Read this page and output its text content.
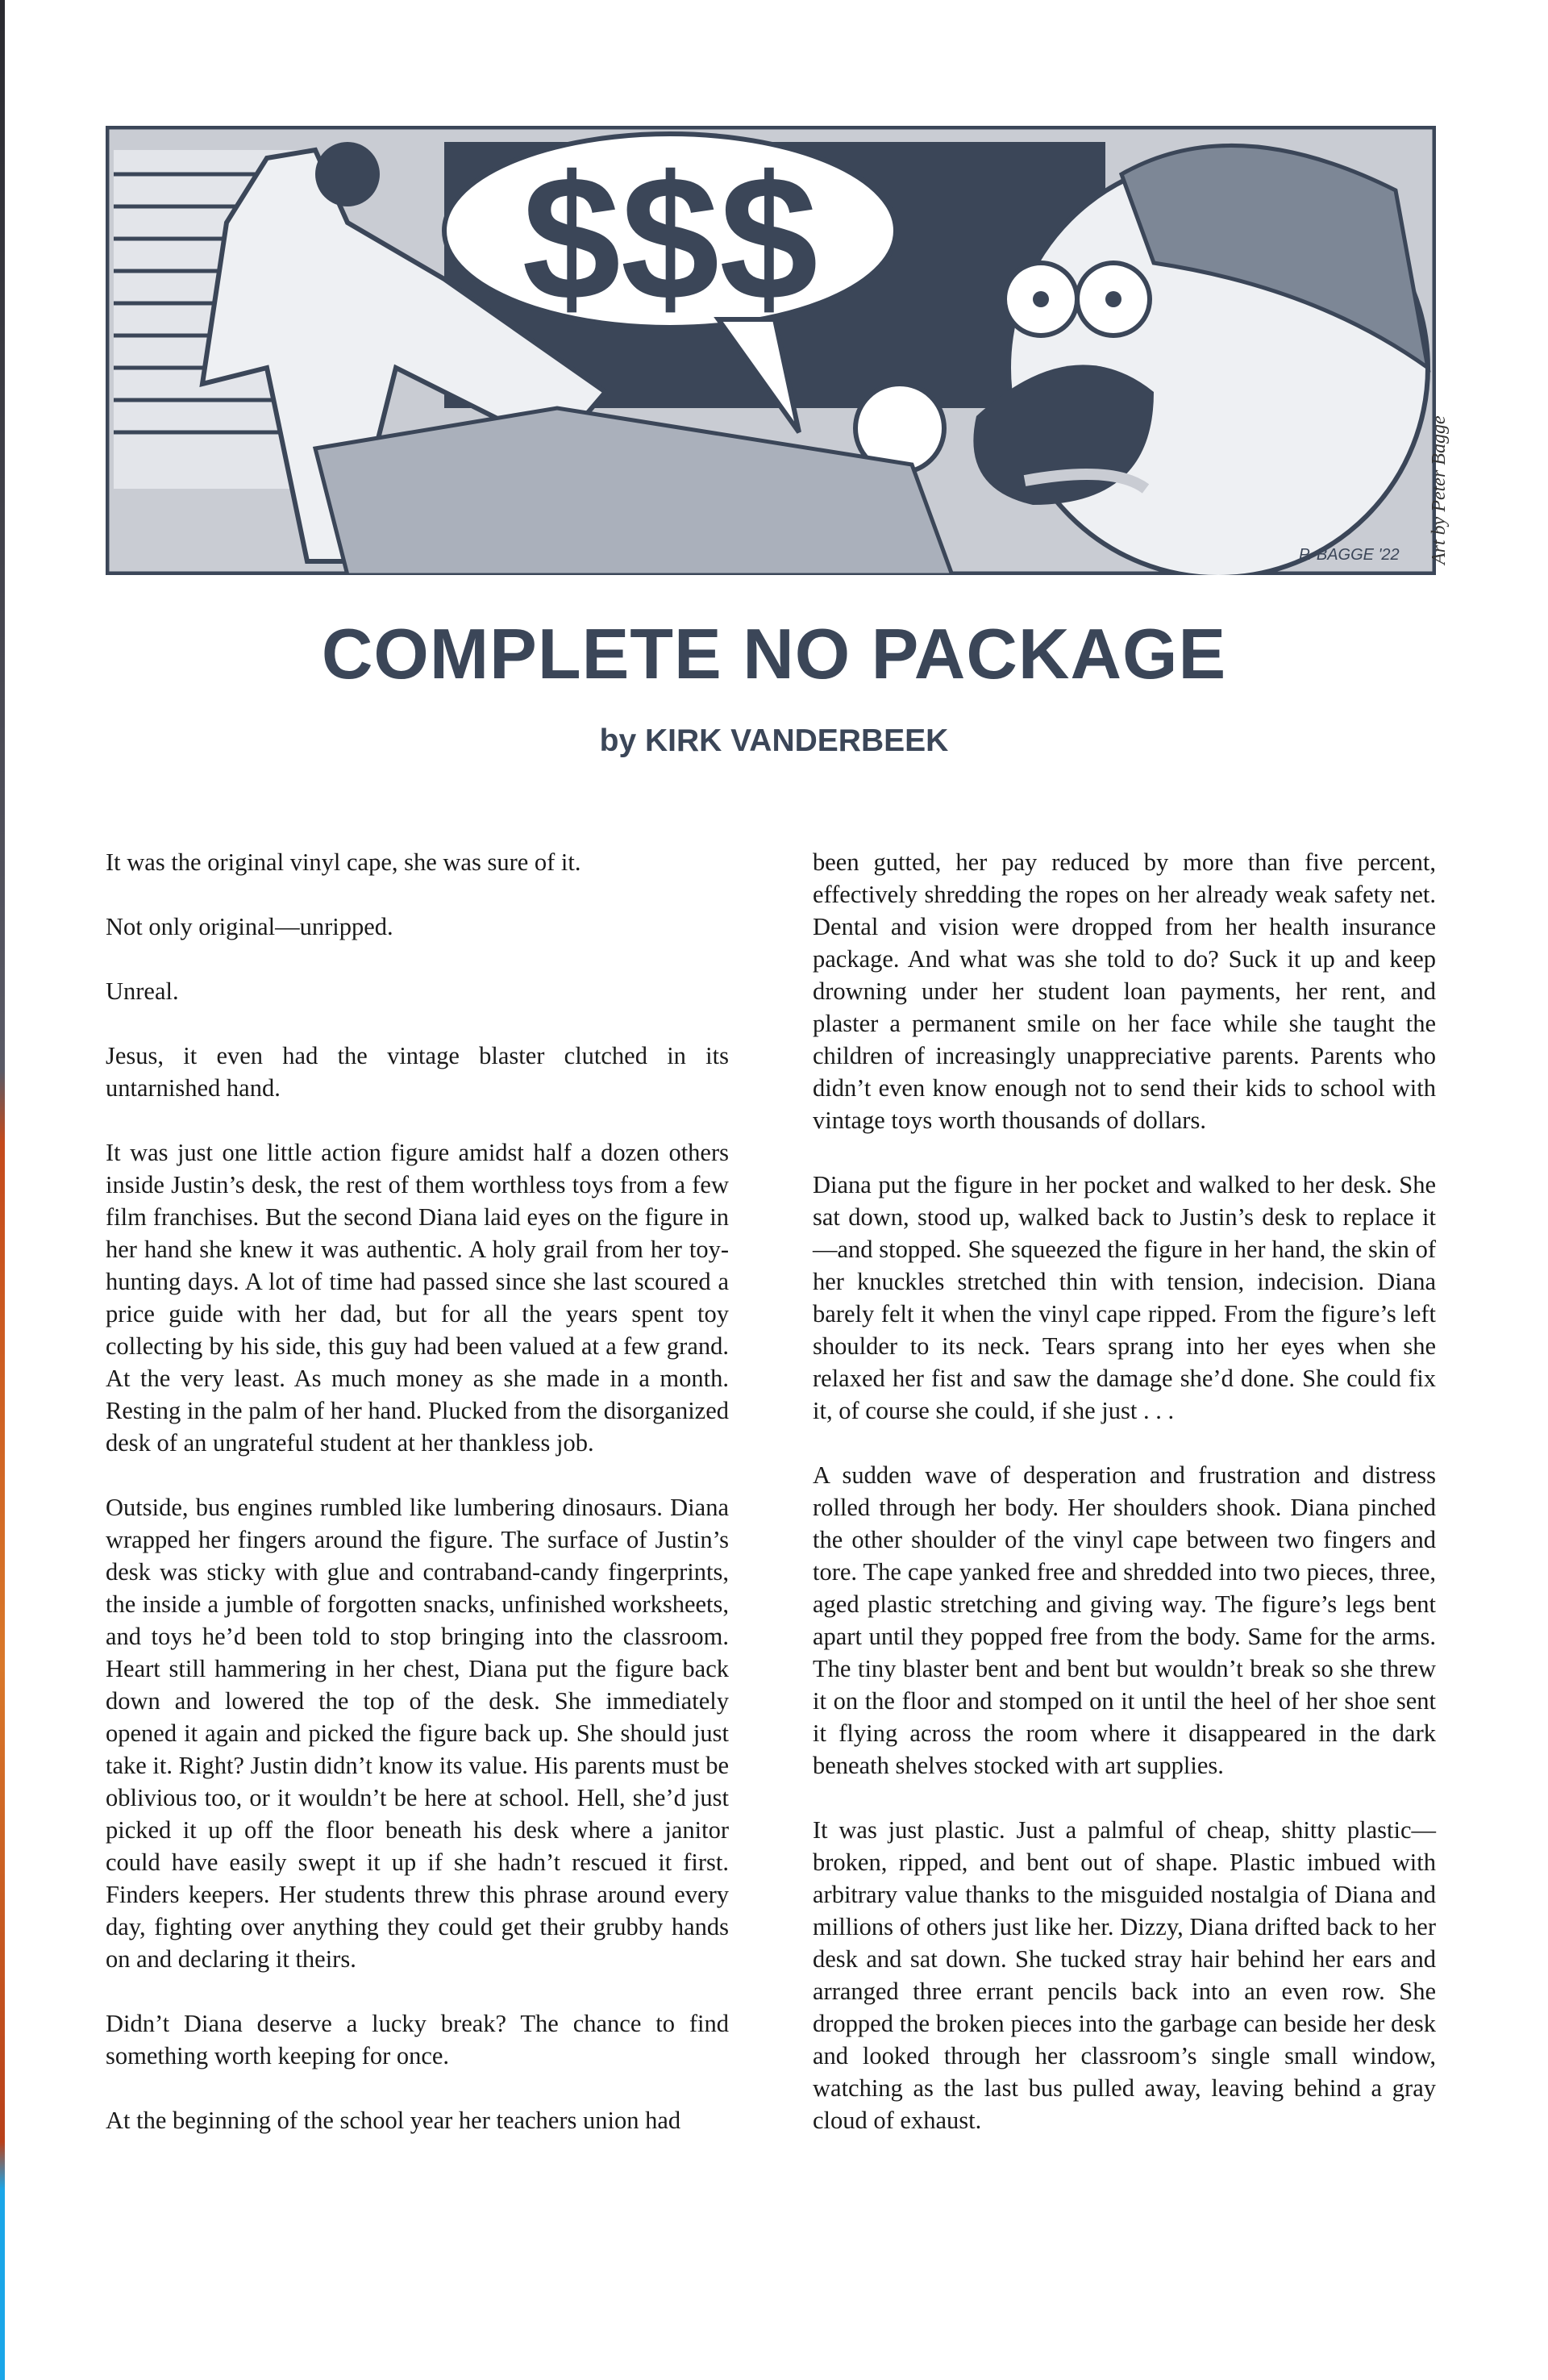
$$$
P. BAGGE '22 Art by Peter Bagge
COMPLETE NO PACKAGE
by KIRK VANDERBEEK

It was the original vinyl cape, she was sure of it.

Not only original—unripped.

Unreal.

Jesus, it even had the vintage blaster clutched in its untarnished hand.

It was just one little action figure amidst half a dozen others inside Justin’s desk, the rest of them worthless toys from a few film franchises. But the second Diana laid eyes on the figure in her hand she knew it was authentic. A holy grail from her toy-hunting days. A lot of time had passed since she last scoured a price guide with her dad, but for all the years spent toy collecting by his side, this guy had been valued at a few grand. At the very least. As much money as she made in a month. Resting in the palm of her hand. Plucked from the disorganized desk of an ungrateful student at her thankless job.

Outside, bus engines rumbled like lumbering dinosaurs. Diana wrapped her fingers around the figure. The surface of Justin’s desk was sticky with glue and contraband-candy fingerprints, the inside a jumble of forgotten snacks, unfinished worksheets, and toys he’d been told to stop bringing into the classroom. Heart still hammering in her chest, Diana put the figure back down and lowered the top of the desk. She immediately opened it again and picked the figure back up. She should just take it. Right? Justin didn’t know its value. His parents must be oblivious too, or it wouldn’t be here at school. Hell, she’d just picked it up off the floor beneath his desk where a janitor could have easily swept it up if she hadn’t rescued it first. Finders keepers. Her students threw this phrase around every day, fighting over anything they could get their grubby hands on and declaring it theirs.

Didn’t Diana deserve a lucky break? The chance to find something worth keeping for once.

At the beginning of the school year her teachers union had

been gutted, her pay reduced by more than five percent, effectively shredding the ropes on her already weak safety net. Dental and vision were dropped from her health insurance package. And what was she told to do? Suck it up and keep drowning under her student loan payments, her rent, and plaster a permanent smile on her face while she taught the children of increasingly unappreciative parents. Parents who didn’t even know enough not to send their kids to school with vintage toys worth thousands of dollars.

Diana put the figure in her pocket and walked to her desk. She sat down, stood up, walked back to Justin’s desk to replace it—and stopped. She squeezed the figure in her hand, the skin of her knuckles stretched thin with tension, indecision. Diana barely felt it when the vinyl cape ripped. From the figure’s left shoulder to its neck. Tears sprang into her eyes when she relaxed her fist and saw the damage she’d done. She could fix it, of course she could, if she just . . .

A sudden wave of desperation and frustration and distress rolled through her body. Her shoulders shook. Diana pinched the other shoulder of the vinyl cape between two fingers and tore. The cape yanked free and shredded into two pieces, three, aged plastic stretching and giving way. The figure’s legs bent apart until they popped free from the body. Same for the arms. The tiny blaster bent and bent but wouldn’t break so she threw it on the floor and stomped on it until the heel of her shoe sent it flying across the room where it disappeared in the dark beneath shelves stocked with art supplies.

It was just plastic. Just a palmful of cheap, shitty plastic—broken, ripped, and bent out of shape. Plastic imbued with arbitrary value thanks to the misguided nostalgia of Diana and millions of others just like her. Dizzy, Diana drifted back to her desk and sat down. She tucked stray hair behind her ears and arranged three errant pencils back into an even row. She dropped the broken pieces into the garbage can beside her desk and looked through her classroom’s single small window, watching as the last bus pulled away, leaving behind a gray cloud of exhaust.
